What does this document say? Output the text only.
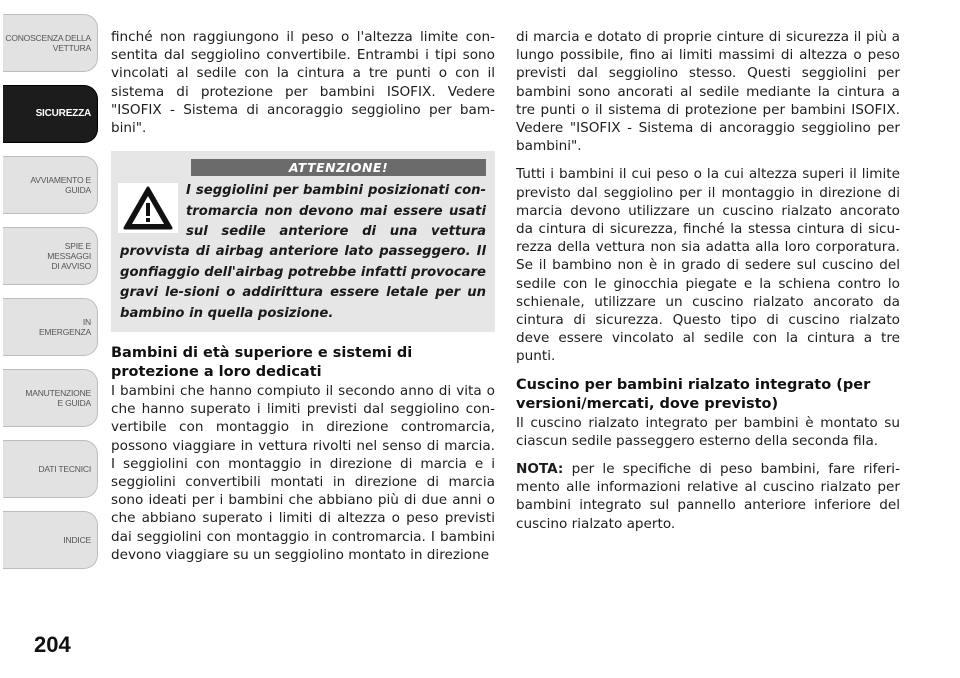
CONOSCENZA DELLA
VETTURA
SICUREZZA
AVVIAMENTO E
GUIDA
SPIE E
MESSAGGI
DI AVVISO
IN
EMERGENZA
MANUTENZIONE
E GUIDA
DATI TECNICI
INDICE
204

finché non raggiungono il peso o l'altezza limite con-sentita dal seggiolino convertibile. Entrambi i tipi sono vincolati al sedile con la cintura a tre punti o con il sistema di protezione per bambini ISOFIX. Vedere "ISOFIX - Sistema di ancoraggio seggiolino per bam-bini".

ATTENZIONE!
I seggiolini per bambini posizionati con-tromarcia non devono mai essere usati sul sedile anteriore di una vettura provvista di airbag anteriore lato passeggero. Il gonfiaggio dell'airbag potrebbe infatti provocare gravi le-sioni o addirittura essere letale per un bambino in quella posizione.
Bambini di età superiore e sistemi di protezione a loro dedicati

I bambini che hanno compiuto il secondo anno di vita o che hanno superato i limiti previsti dal seggiolino con-vertibile con montaggio in direzione contromarcia, possono viaggiare in vettura rivolti nel senso di marcia. I seggiolini con montaggio in direzione di marcia e i seggiolini convertibili montati in direzione di marcia sono ideati per i bambini che abbiano più di due anni o che abbiano superato i limiti di altezza o peso previsti dai seggiolini con montaggio in contromarcia. I bambini devono viaggiare su un seggiolino montato in direzione

di marcia e dotato di proprie cinture di sicurezza il più a lungo possibile, fino ai limiti massimi di altezza o peso previsti dal seggiolino stesso. Questi seggiolini per bambini sono ancorati al sedile mediante la cintura a tre punti o il sistema di protezione per bambini ISOFIX. Vedere "ISOFIX - Sistema di ancoraggio seggiolino per bambini".

Tutti i bambini il cui peso o la cui altezza superi il limite previsto dal seggiolino per il montaggio in direzione di marcia devono utilizzare un cuscino rialzato ancorato da cintura di sicurezza, finché la stessa cintura di sicu-rezza della vettura non sia adatta alla loro corporatura. Se il bambino non è in grado di sedere sul cuscino del sedile con le ginocchia piegate e la schiena contro lo schienale, utilizzare un cuscino rialzato ancorato da cintura di sicurezza. Questo tipo di cuscino rialzato deve essere vincolato al sedile con la cintura a tre punti.

Cuscino per bambini rialzato integrato (per versioni/mercati, dove previsto)

Il cuscino rialzato integrato per bambini è montato su ciascun sedile passeggero esterno della seconda fila.

NOTA: per le specifiche di peso bambini, fare riferi-mento alle informazioni relative al cuscino rialzato per bambini integrato sul pannello anteriore inferiore del cuscino rialzato aperto.
